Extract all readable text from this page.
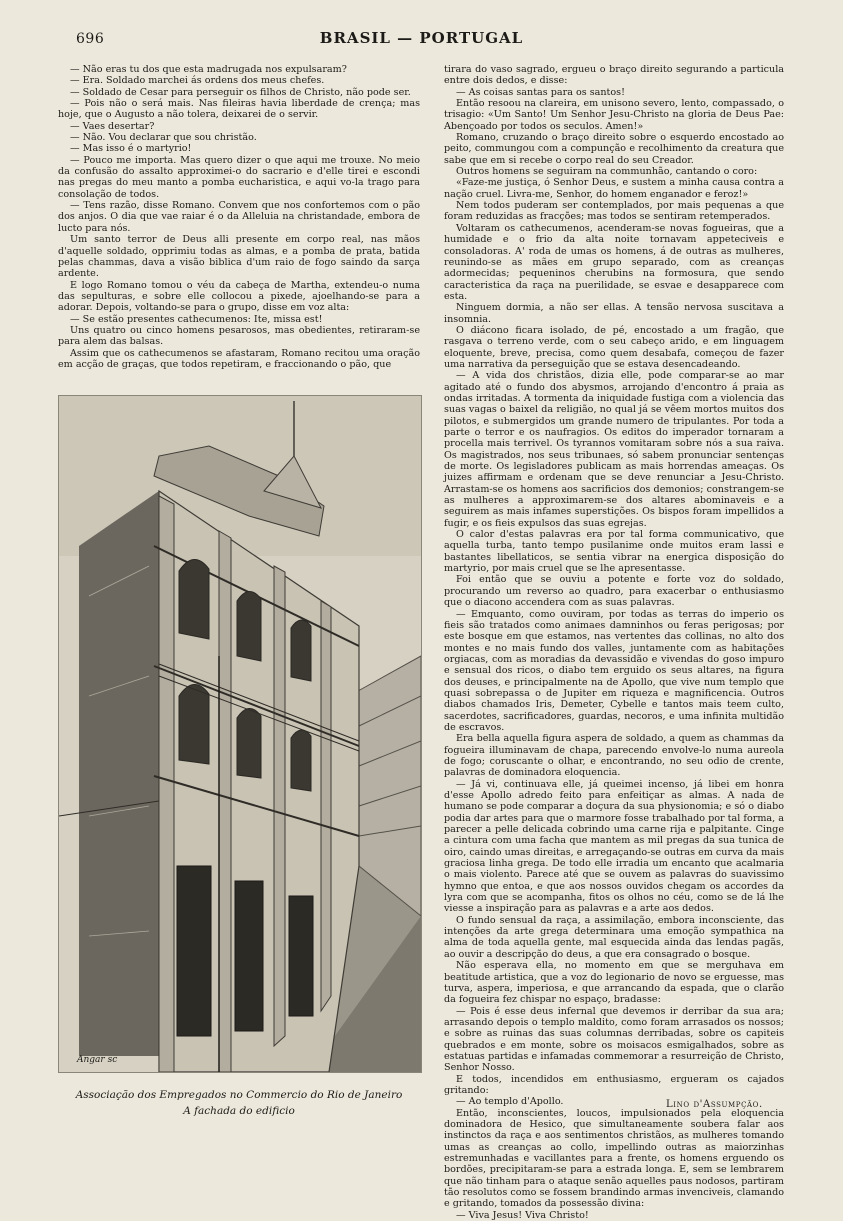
696	BRASIL — PORTUGAL

— Não eras tu dos que esta madrugada nos expulsaram?

— Era. Soldado marchei ás ordens dos meus chefes.

— Soldado de Cesar para perseguir os filhos de Christo, não pode ser.

— Pois não o será mais. Nas fileiras havia liberdade de crença; mas hoje, que o Augusto a não tolera, deixarei de o servir.

— Vaes desertar?

— Não. Vou declarar que sou christão.

— Mas isso é o martyrio!

— Pouco me importa. Mas quero dizer o que aqui me trouxe. No meio da confusão do assalto approximei-o do sacrario e d'elle tirei e escondi nas pregas do meu manto a pomba eucharistica, e aqui vo-la trago para consolação de todos.

— Tens razão, disse Romano. Convem que nos confortemos com o pão dos anjos. O dia que vae raiar é o da Alleluia na christandade, embora de lucto para nós.

Um santo terror de Deus alli presente em corpo real, nas mãos d'aquelle soldado, opprimiu todas as almas, e a pomba de prata, batida pelas chammas, dava a visão biblica d'um raio de fogo saindo da sarça ardente.

E logo Romano tomou o véu da cabeça de Martha, extendeu-o numa das sepulturas, e sobre elle collocou a pixede, ajoelhando-se para a adorar. Depois, voltando-se para o grupo, disse em voz alta:

— Se estão presentes cathecumenos: Ite, missa est!

Uns quatro ou cinco homens pesarosos, mas obedientes, retiraram-se para alem das balsas.

Assim que os cathecumenos se afastaram, Romano recitou uma oração em acção de graças, que todos repetiram, e fraccionando o pão, que

Angar sc
Associação dos Empregados no Commercio do Rio de Janeiro
A fachada do edificio

tirara do vaso sagrado, ergueu o braço direito segurando a particula entre dois dedos, e disse:

— As coisas santas para os santos!

Então resoou na clareira, em unisono severo, lento, compassado, o trisagio: «Um Santo! Um Senhor Jesu-Christo na gloria de Deus Pae: Abençoado por todos os seculos. Amen!»

Romano, cruzando o braço direito sobre o esquerdo encostado ao peito, commungou com a compunção e recolhimento da creatura que sabe que em si recebe o corpo real do seu Creador.

Outros homens se seguiram na communhão, cantando o coro:

«Faze-me justiça, ó Senhor Deus, e sustem a minha causa contra a nação cruel. Livra-me, Senhor, do homem enganador e feroz!»

Nem todos puderam ser contemplados, por mais pequenas a que foram reduzidas as fracções; mas todos se sentiram retemperados.

Voltaram os cathecumenos, acenderam-se novas fogueiras, que a humidade e o frio da alta noite tornavam appeteciveis e consoladoras. A' roda de umas os homens, á de outras as mulheres, reunindo-se as mães em grupo separado, com as creanças adormecidas; pequeninos cherubins na formosura, que sendo caracteristica da raça na puerilidade, se esvae e desapparece com esta.

Ninguem dormia, a não ser ellas. A tensão nervosa suscitava a insomnia.

O diácono ficara isolado, de pé, encostado a um fragão, que rasgava o terreno verde, com o seu cabeço arido, e em linguagem eloquente, breve, precisa, como quem desabafa, começou de fazer uma narrativa da perseguição que se estava desencadeando.

— A vida dos christãos, dizia elle, pode comparar-se ao mar agitado até o fundo dos abysmos, arrojando d'encontro á praia as ondas irritadas. A tormenta da iniquidade fustiga com a violencia das suas vagas o baixel da religião, no qual já se vêem mortos muitos dos pilotos, e submergidos um grande numero de tripulantes. Por toda a parte o terror e os naufragios. Os editos do imperador tornaram a procella mais terrivel. Os tyrannos vomitaram sobre nós a sua raiva. Os magistrados, nos seus tribunaes, só sabem pronunciar sentenças de morte. Os legisladores publicam as mais horrendas ameaças. Os juizes affirmam e ordenam que se deve renunciar a Jesu-Christo. Arrastam-se os homens aos sacrificios dos demonios; constrangem-se as mulheres a approximarem-se dos altares abominaveis e a seguirem as mais infames superstições. Os bispos foram impellidos a fugir, e os fieis expulsos das suas egrejas.

O calor d'estas palavras era por tal forma communicativo, que aquella turba, tanto tempo pusilanime onde muitos eram lassi e bastantes libellaticos, se sentia vibrar na energica disposição do martyrio, por mais cruel que se lhe apresentasse.

Foi então que se ouviu a potente e forte voz do soldado, procurando um reverso ao quadro, para exacerbar o enthusiasmo que o diacono accendera com as suas palavras.

— Emquanto, como ouviram, por todas as terras do imperio os fieis são tratados como animaes damninhos ou feras perigosas; por este bosque em que estamos, nas vertentes das collinas, no alto dos montes e no mais fundo dos valles, juntamente com as habitações orgiacas, com as moradias da devassidão e vivendas do goso impuro e sensual dos ricos, o diabo tem erguido os seus altares, na figura dos deuses, e principalmente na de Apollo, que vive num templo que quasi sobrepassa o de Jupiter em riqueza e magnificencia. Outros diabos chamados Iris, Demeter, Cybelle e tantos mais teem culto, sacerdotes, sacrificadores, guardas, necoros, e uma infinita multidão de escravos.

Era bella aquella figura aspera de soldado, a quem as chammas da fogueira illuminavam de chapa, parecendo envolve-lo numa aureola de fogo; coruscante o olhar, e encontrando, no seu odio de crente, palavras de dominadora eloquencia.

— Já vi, continuava elle, já queimei incenso, já libei em honra d'esse Apollo adredo feito para enfeitiçar as almas. A nada de humano se pode comparar a doçura da sua physionomia; e só o diabo podia dar artes para que o marmore fosse trabalhado por tal forma, a parecer a pelle delicada cobrindo uma carne rija e palpitante. Cinge a cintura com uma facha que mantem as mil pregas da sua tunica de oiro, caindo umas direitas, e arregaçando-se outras em curva da mais graciosa linha grega. De todo elle irradia um encanto que acalmaria o mais violento. Parece até que se ouvem as palavras do suavissimo hymno que entoa, e que aos nossos ouvidos chegam os accordes da lyra com que se acompanha, fitos os olhos no céu, como se de lá lhe viesse a inspiração para as palavras e a arte aos dedos.

O fundo sensual da raça, a assimilação, embora inconsciente, das intenções da arte grega determinara uma emoção sympathica na alma de toda aquella gente, mal esquecida ainda das lendas pagãs, ao ouvir a descripção do deus, a que era consagrado o bosque.

Não esperava ella, no momento em que se merguhava em beatitude artistica, que a voz do legionario de novo se erguesse, mas turva, aspera, imperiosa, e que arrancando da espada, que o clarão da fogueira fez chispar no espaço, bradasse:

— Pois é esse deus infernal que devemos ir derribar da sua ara; arrasando depois o templo maldito, como foram arrasados os nossos; e sobre as ruinas das suas columnas derribadas, sobre os capiteis quebrados e em monte, sobre os moisacos esmigalhados, sobre as estatuas partidas e infamadas commemorar a resurreição de Christo, Senhor Nosso.

E todos, incendidos em enthusiasmo, ergueram os cajados gritando:

— Ao templo d'Apollo.

Então, inconscientes, loucos, impulsionados pela eloquencia dominadora de Hesico, que simultaneamente soubera falar aos instinctos da raça e aos sentimentos christãos, as mulheres tomando umas as creanças ao collo, impellindo outras as maiorzinhas estremunhadas e vacillantes para a frente, os homens erguendo os bordões, precipitaram-se para a estrada longa. E, sem se lembrarem que não tinham para o ataque senão aquelles paus nodosos, partiram tão resolutos como se fossem brandindo armas invenciveis, clamando e gritando, tomados da possessão divina:

— Viva Jesus! Viva Christo!

Lino d'Assumpção.
